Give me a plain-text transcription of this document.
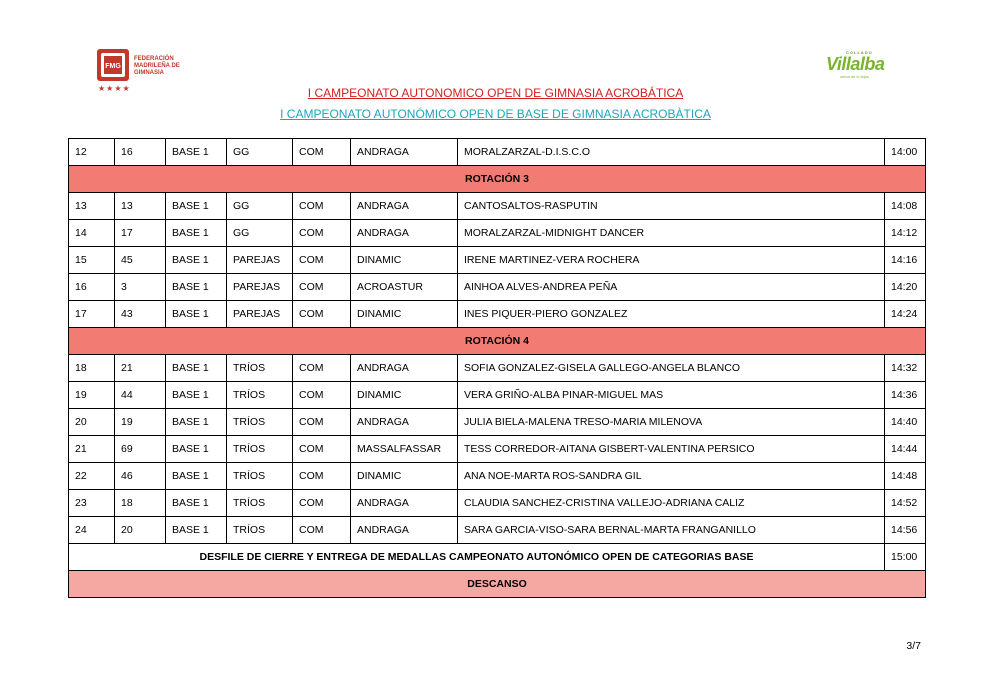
FMG
FEDERACIÓN MADRILEÑA DE GIMNASIA
★★★★
COLLADO
Villalba
cerca de lo lejos
I CAMPEONATO AUTONOMICO OPEN DE GIMNASIA ACROBÁTICA
I CAMPEONATO AUTONÓMICO OPEN DE BASE DE GIMNASIA ACROBÀTICA
12	16	BASE 1	GG	COM	ANDRAGA	MORALZARZAL-D.I.S.C.O	14:00
ROTACIÓN 3							
13	13	BASE 1	GG	COM	ANDRAGA	CANTOSALTOS-RASPUTIN	14:08
14	17	BASE 1	GG	COM	ANDRAGA	MORALZARZAL-MIDNIGHT DANCER	14:12
15	45	BASE 1	PAREJAS	COM	DINAMIC	IRENE MARTINEZ-VERA ROCHERA	14:16
16	3	BASE 1	PAREJAS	COM	ACROASTUR	AINHOA ALVES-ANDREA PEÑA	14:20
17	43	BASE 1	PAREJAS	COM	DINAMIC	INES PIQUER-PIERO GONZALEZ	14:24
ROTACIÓN 4							
18	21	BASE 1	TRÍOS	COM	ANDRAGA	SOFIA GONZALEZ-GISELA GALLEGO-ANGELA BLANCO	14:32
19	44	BASE 1	TRÍOS	COM	DINAMIC	VERA GRIÑO-ALBA PINAR-MIGUEL MAS	14:36
20	19	BASE 1	TRÍOS	COM	ANDRAGA	JULIA BIELA-MALENA TRESO-MARIA MILENOVA	14:40
21	69	BASE 1	TRÍOS	COM	MASSALFASSAR	TESS CORREDOR-AITANA GISBERT-VALENTINA PERSICO	14:44
22	46	BASE 1	TRÍOS	COM	DINAMIC	ANA NOE-MARTA ROS-SANDRA GIL	14:48
23	18	BASE 1	TRÍOS	COM	ANDRAGA	CLAUDIA SANCHEZ-CRISTINA VALLEJO-ADRIANA CALIZ	14:52
24	20	BASE 1	TRÍOS	COM	ANDRAGA	SARA GARCIA-VISO-SARA BERNAL-MARTA FRANGANILLO	14:56
DESFILE DE CIERRE Y ENTREGA DE MEDALLAS CAMPEONATO AUTONÓMICO OPEN DE CATEGORIAS BASE							15:00
DESCANSO							
3/7
